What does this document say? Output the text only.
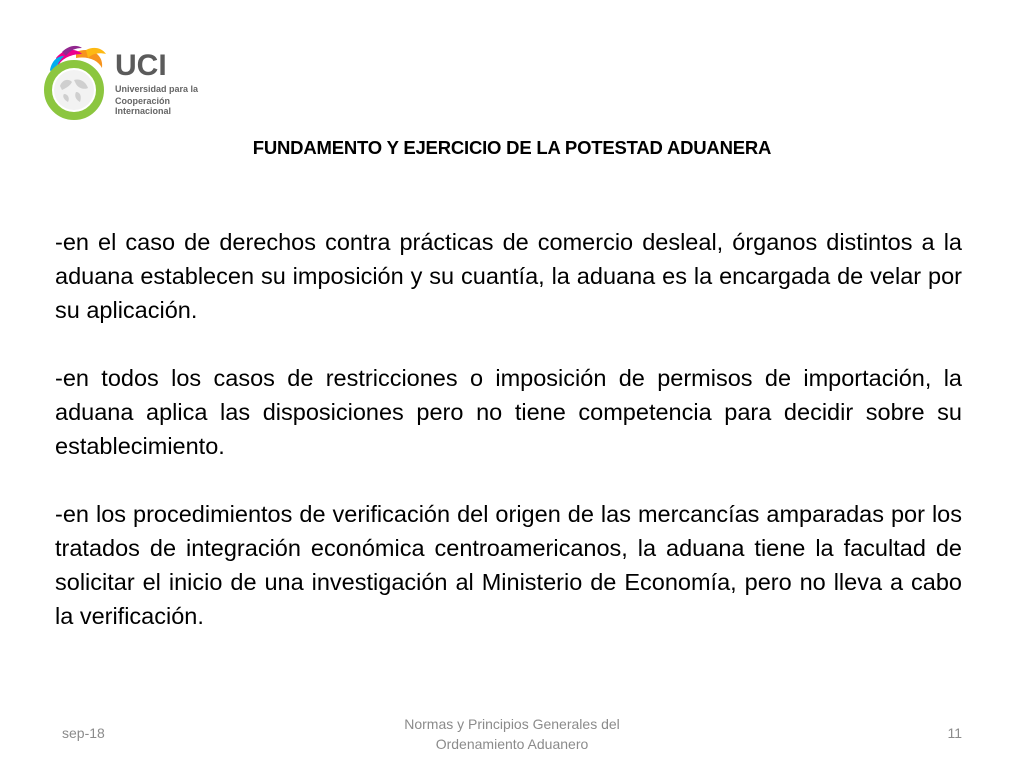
UCI
Universidad para la
Cooperación Internacional
FUNDAMENTO Y EJERCICIO DE LA POTESTAD ADUANERA

-en el caso de derechos contra prácticas de comercio desleal, órganos distintos a la aduana establecen su imposición y su cuantía, la aduana es la encargada de velar por su aplicación.

-en todos los casos de restricciones o imposición de permisos de importación, la aduana aplica las disposiciones pero no tiene competencia para decidir sobre su establecimiento.

-en los procedimientos de verificación del origen de las mercancías amparadas por los tratados de integración económica centroamericanos, la aduana tiene la facultad de solicitar el inicio de una investigación al Ministerio de Economía, pero no lleva a cabo la verificación.

sep-18
Normas y Principios Generales del
Ordenamiento Aduanero
11
